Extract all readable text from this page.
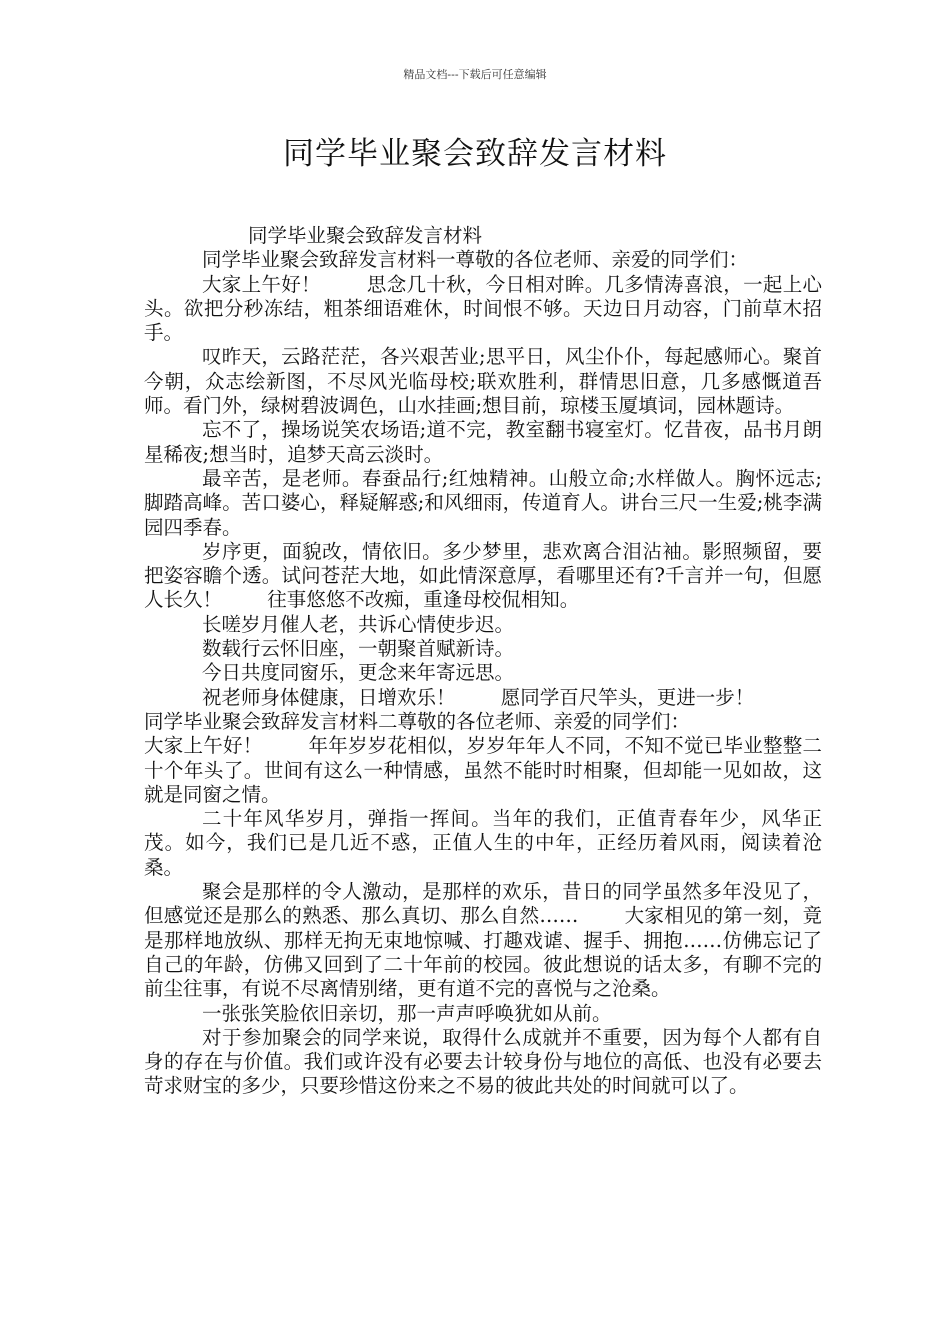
精品文档---下载后可任意编辑
同学毕业聚会致辞发言材料

同学毕业聚会致辞发言材料

同学毕业聚会致辞发言材料一尊敬的各位老师、亲爱的同学们：

大家上午好！　　 思念几十秋，今日相对眸。几多情涛喜浪，一起上心头。欲把分秒冻结，粗茶细语难休，时间恨不够。天边日月动容，门前草木招手。

叹昨天，云路茫茫，各兴艰苦业;思平日，风尘仆仆，每起感师心。聚首今朝，众志绘新图，不尽风光临母校;联欢胜利，群情思旧意，几多感慨道吾师。看门外，绿树碧波调色，山水挂画;想目前，琼楼玉厦填词，园林题诗。

忘不了，操场说笑农场语;道不完，教室翻书寝室灯。忆昔夜，品书月朗星稀夜;想当时，追梦天高云淡时。

最辛苦，是老师。春蚕品行;红烛精神。山般立命;水样做人。胸怀远志;脚踏高峰。苦口婆心，释疑解惑;和风细雨，传道育人。讲台三尺一生爱;桃李满园四季春。

岁序更，面貌改，情依旧。多少梦里，悲欢离合泪沾袖。影照频留，要把姿容瞻个透。试问苍茫大地，如此情深意厚，看哪里还有?千言并一句，但愿人长久！　　 往事悠悠不改痴，重逢母校侃相知。

长嗟岁月催人老，共诉心情使步迟。

数载行云怀旧座，一朝聚首赋新诗。

今日共度同窗乐，更念来年寄远思。

祝老师身体健康，日增欢乐！　　 愿同学百尺竿头，更进一步！

同学毕业聚会致辞发言材料二尊敬的各位老师、亲爱的同学们：

大家上午好！　　 年年岁岁花相似，岁岁年年人不同，不知不觉已毕业整整二十个年头了。世间有这么一种情感，虽然不能时时相聚，但却能一见如故，这就是同窗之情。

二十年风华岁月，弹指一挥间。当年的我们，正值青春年少，风华正茂。如今，我们已是几近不惑，正值人生的中年，正经历着风雨，阅读着沧桑。

聚会是那样的令人激动，是那样的欢乐，昔日的同学虽然多年没见了，但感觉还是那么的熟悉、那么真切、那么自然……　　 大家相见的第一刻，竟是那样地放纵、那样无拘无束地惊喊、打趣戏谑、握手、拥抱……仿佛忘记了自己的年龄，仿佛又回到了二十年前的校园。彼此想说的话太多，有聊不完的前尘往事，有说不尽离情别绪，更有道不完的喜悦与之沧桑。

一张张笑脸依旧亲切，那一声声呼唤犹如从前。

对于参加聚会的同学来说，取得什么成就并不重要，因为每个人都有自身的存在与价值。我们或许没有必要去计较身份与地位的高低、也没有必要去苛求财宝的多少，只要珍惜这份来之不易的彼此共处的时间就可以了。
